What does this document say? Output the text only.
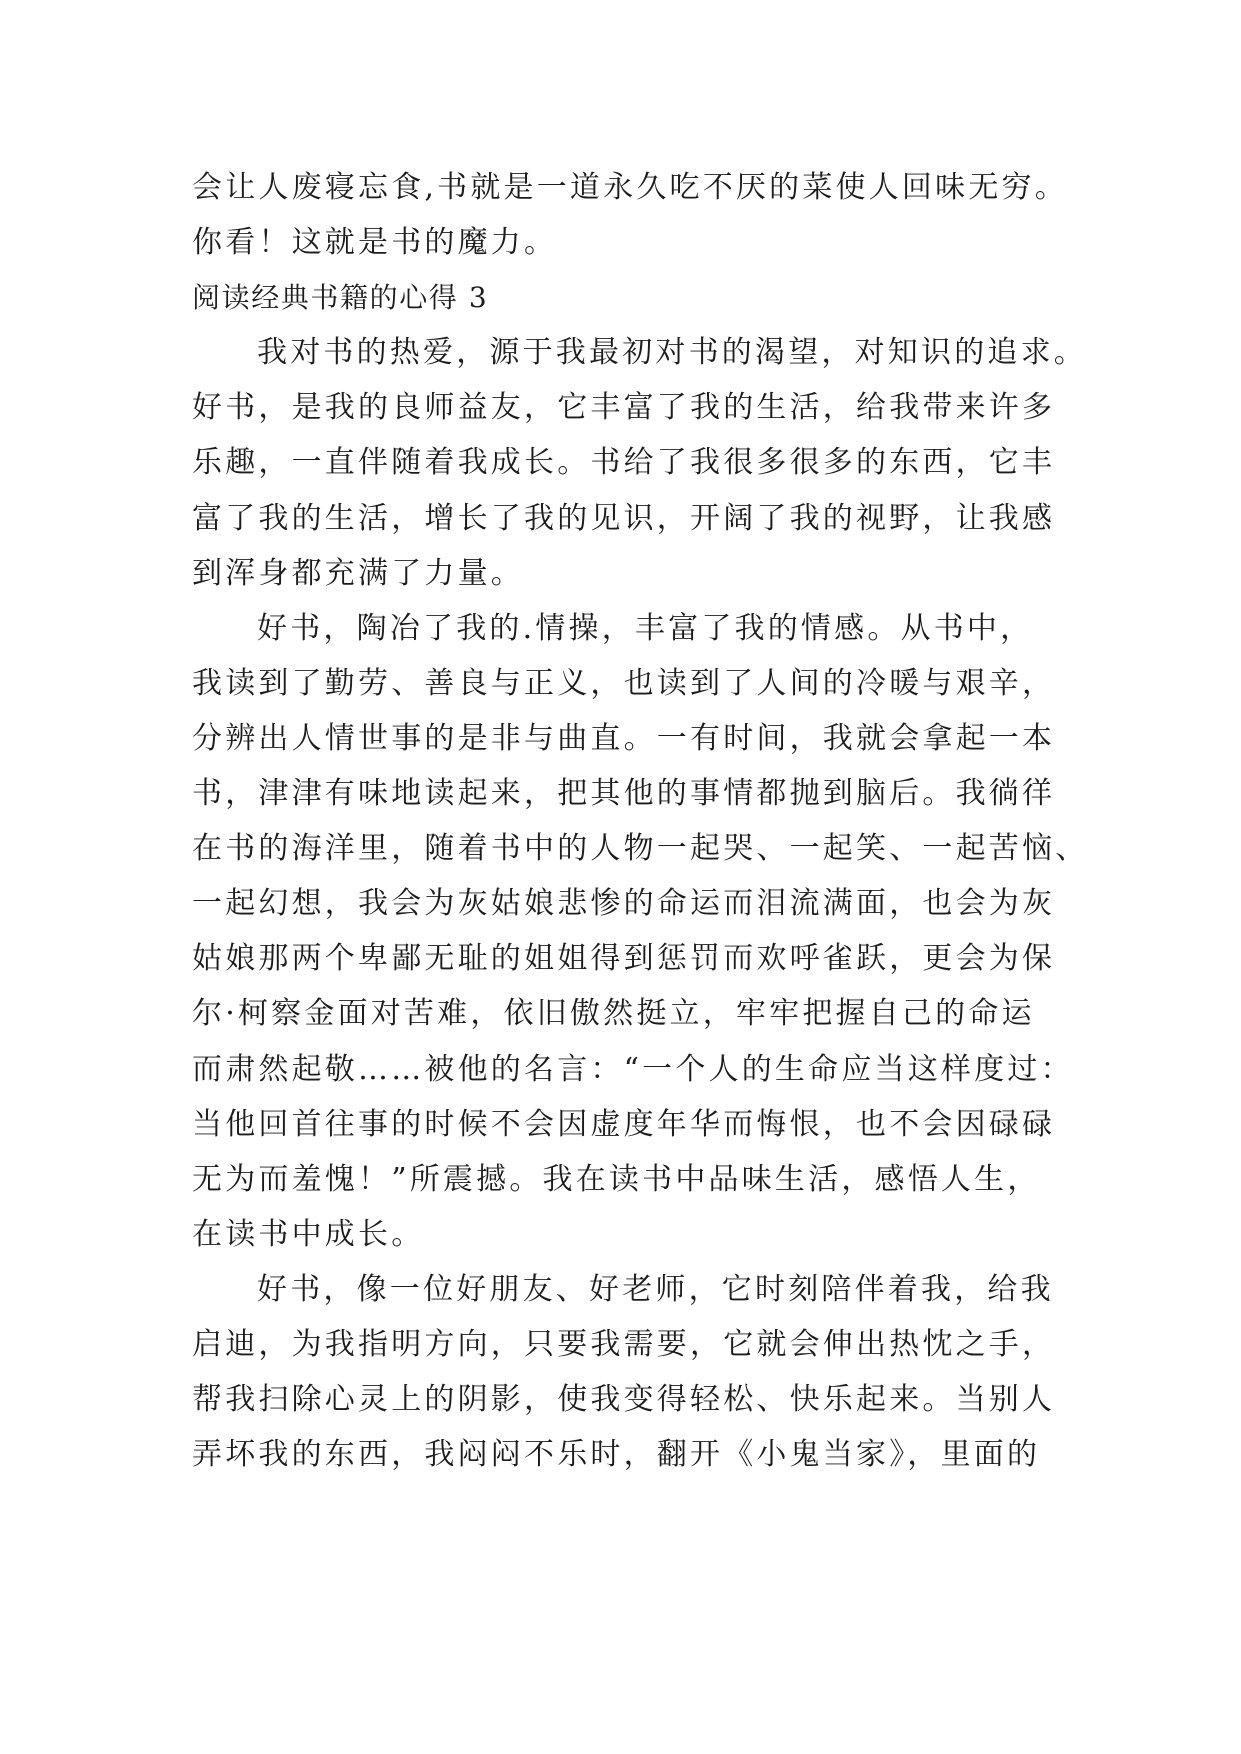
会让人废寝忘食,书就是一道永久吃不厌的菜使人回味无穷。
你看！这就是书的魔力。
阅读经典书籍的心得 3
我对书的热爱，源于我最初对书的渴望，对知识的追求。
好书，是我的良师益友，它丰富了我的生活，给我带来许多
乐趣，一直伴随着我成长。书给了我很多很多的东西，它丰
富了我的生活，增长了我的见识，开阔了我的视野，让我感
到浑身都充满了力量。
好书，陶冶了我的.情操，丰富了我的情感。从书中，
我读到了勤劳、善良与正义，也读到了人间的冷暖与艰辛，
分辨出人情世事的是非与曲直。一有时间，我就会拿起一本
书，津津有味地读起来，把其他的事情都抛到脑后。我徜徉
在书的海洋里，随着书中的人物一起哭、一起笑、一起苦恼、
一起幻想，我会为灰姑娘悲惨的命运而泪流满面，也会为灰
姑娘那两个卑鄙无耻的姐姐得到惩罚而欢呼雀跃，更会为保
尔·柯察金面对苦难，依旧傲然挺立，牢牢把握自己的命运
而肃然起敬……被他的名言：“一个人的生命应当这样度过：
当他回首往事的时候不会因虚度年华而悔恨，也不会因碌碌
无为而羞愧！”所震撼。我在读书中品味生活，感悟人生，
在读书中成长。
好书，像一位好朋友、好老师，它时刻陪伴着我，给我
启迪，为我指明方向，只要我需要，它就会伸出热忱之手，
帮我扫除心灵上的阴影，使我变得轻松、快乐起来。当别人
弄坏我的东西，我闷闷不乐时，翻开《小鬼当家》，里面的
